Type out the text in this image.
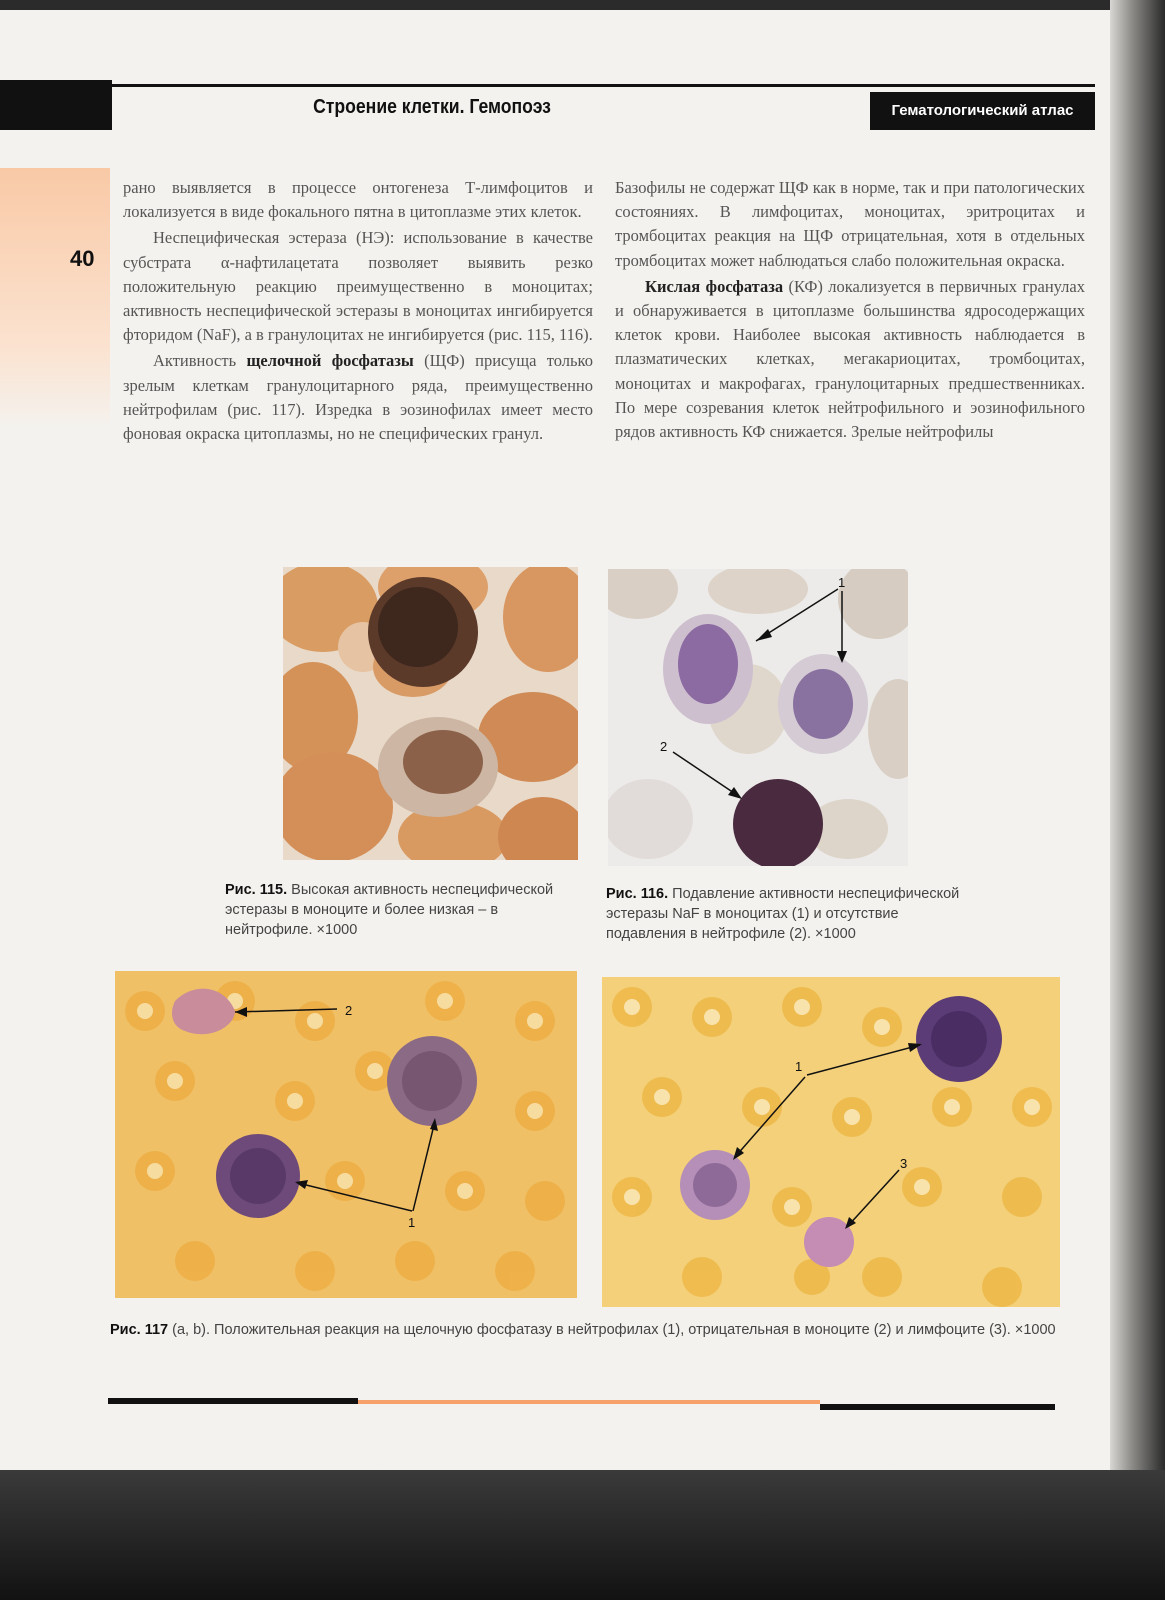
Строение клетки. Гемопоэз	Гематологический атлас
40

рано выявляется в процессе онтогенеза Т-лимфоцитов и локализуется в виде фокального пятна в цитоплазме этих клеток.

Неспецифическая эстераза (НЭ): использование в качестве субстрата α-нафтилацетата позволяет выявить резко положительную реакцию преимущественно в моноцитах; активность неспецифической эстеразы в моноцитах ингибируется фторидом (NaF), а в гранулоцитах не ингибируется (рис. 115, 116).

Активность щелочной фосфатазы (ЩФ) присуща только зрелым клеткам гранулоцитарного ряда, преимущественно нейтрофилам (рис. 117). Изредка в эозинофилах имеет место фоновая окраска цитоплазмы, но не специфических гранул.

Базофилы не содержат ЩФ как в норме, так и при патологических состояниях. В лимфоцитах, моноцитах, эритроцитах и тромбоцитах реакция на ЩФ отрицательная, хотя в отдельных тромбоцитах может наблюдаться слабо положительная окраска.

Кислая фосфатаза (КФ) локализуется в первичных гранулах и обнаруживается в цитоплазме большинства ядросодержащих клеток крови. Наиболее высокая активность наблюдается в плазматических клетках, мегакариоцитах, тромбоцитах, моноцитах и макрофагах, гранулоцитарных предшественниках. По мере созревания клеток нейтрофильного и эозинофильного рядов активность КФ снижается. Зрелые нейтрофилы

Рис. 115. Высокая активность неспецифической эстеразы в моноците и более низкая – в нейтрофиле. ×1000
1
2
Рис. 116. Подавление активности неспецифической эстеразы NaF в моноцитах (1) и отсутствие подавления в нейтрофиле (2). ×1000
2
1
1
3
Рис. 117 (a, b). Положительная реакция на щелочную фосфатазу в нейтрофилах (1), отрицательная в моноците (2) и лимфоците (3). ×1000
